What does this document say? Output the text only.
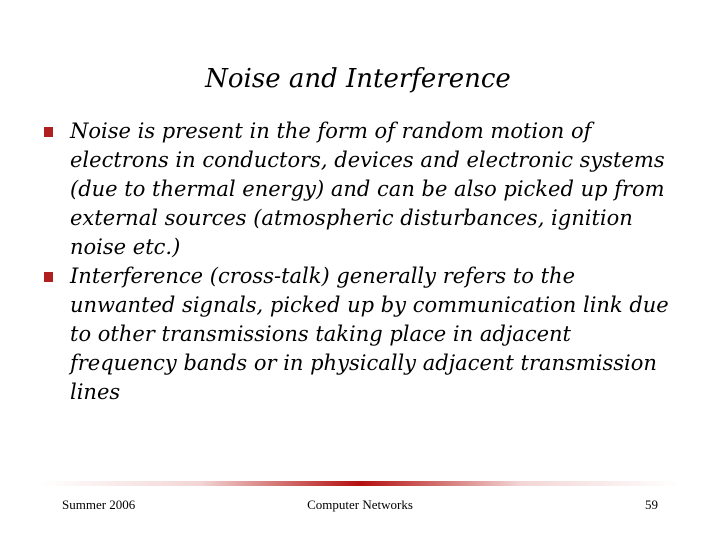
Noise and Interference
Noise is present in the form of random motion of electrons in conductors, devices and electronic systems (due to thermal energy) and can be also picked up from external sources (atmospheric disturbances, ignition noise etc.)
Interference (cross-talk) generally refers to the unwanted signals, picked up by communication link due to other transmissions taking place in adjacent frequency bands or in physically adjacent transmission lines
Summer 2006	Computer Networks	59
